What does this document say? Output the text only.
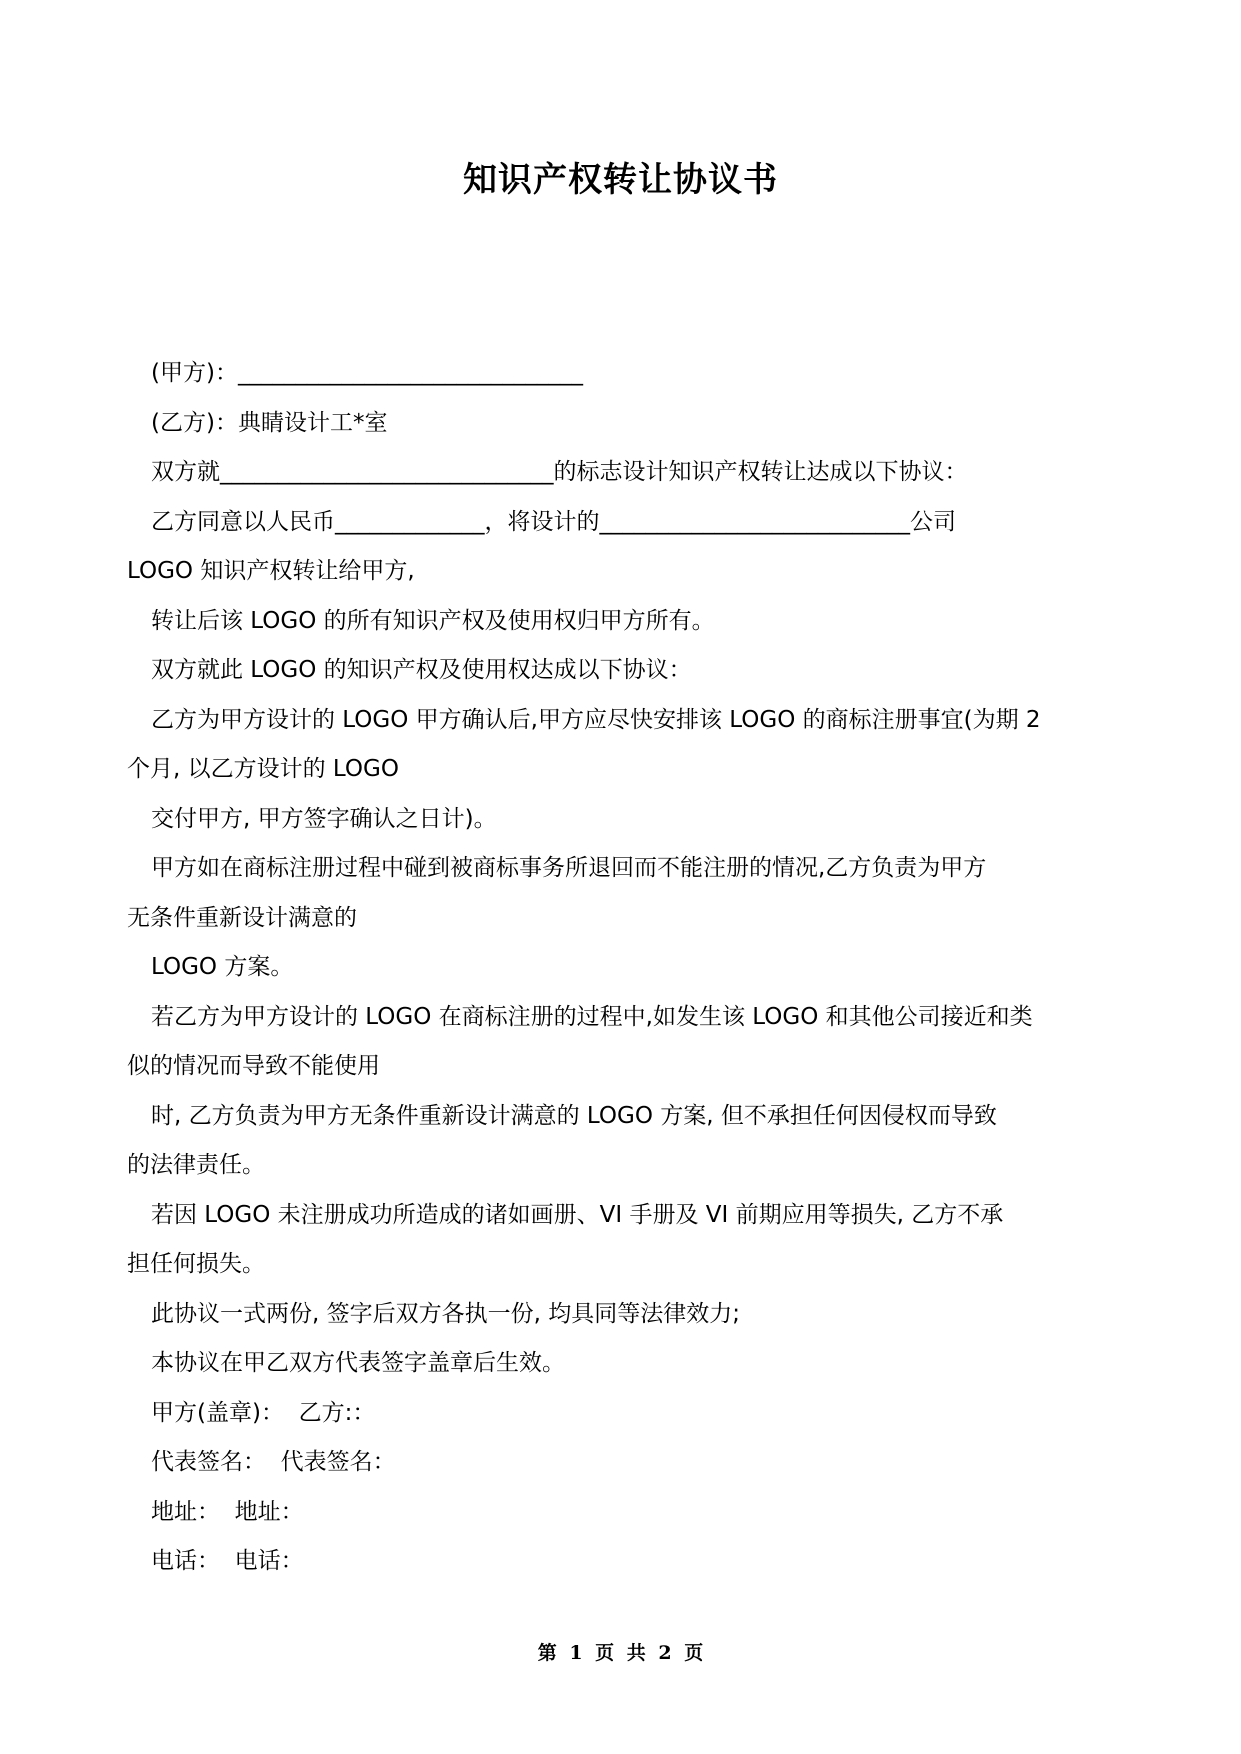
知识产权转让协议书
(甲方)：______________________________
(乙方)：典睛设计工*室
双方就_____________________________的标志设计知识产权转让达成以下协议：
乙方同意以人民币_____________，将设计的___________________________公司
LOGO 知识产权转让给甲方,
转让后该 LOGO 的所有知识产权及使用权归甲方所有。
双方就此 LOGO 的知识产权及使用权达成以下协议：
乙方为甲方设计的 LOGO 甲方确认后,甲方应尽快安排该 LOGO 的商标注册事宜(为期 2
个月, 以乙方设计的 LOGO
交付甲方, 甲方签字确认之日计)。
甲方如在商标注册过程中碰到被商标事务所退回而不能注册的情况,乙方负责为甲方
无条件重新设计满意的
LOGO 方案。
若乙方为甲方设计的 LOGO 在商标注册的过程中,如发生该 LOGO 和其他公司接近和类
似的情况而导致不能使用
时, 乙方负责为甲方无条件重新设计满意的 LOGO 方案, 但不承担任何因侵权而导致
的法律责任。
若因 LOGO 未注册成功所造成的诸如画册、VI 手册及 VI 前期应用等损失, 乙方不承
担任何损失。
此协议一式两份, 签字后双方各执一份, 均具同等法律效力;
本协议在甲乙双方代表签字盖章后生效。
甲方(盖章)：  乙方:：
代表签名：  代表签名：
地址：  地址：
电话：  电话：
第 1 页 共 2 页
